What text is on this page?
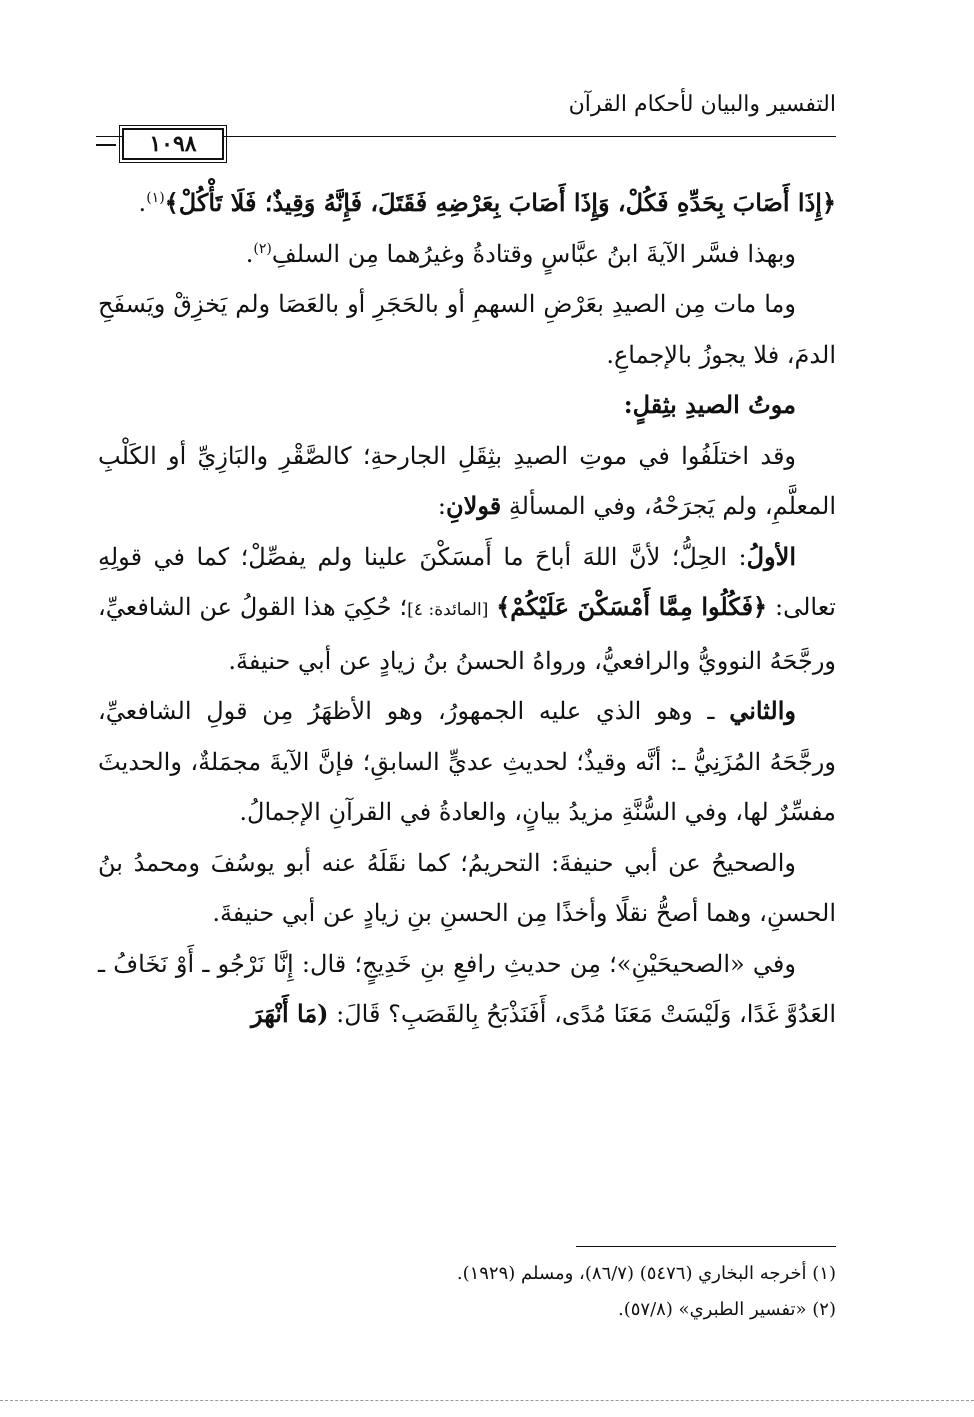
التفسير والبيان لأحكام القرآن
١٠٩٨

﴿إِذَا أَصَابَ بِحَدِّهِ فَكُلْ، وَإِذَا أَصَابَ بِعَرْضِهِ فَقَتَلَ، فَإِنَّهُ وَقِيذٌ؛ فَلَا تَأْكُلْ﴾$^{(١)}$.

وبهذا فسَّر الآيةَ ابنُ عبَّاسٍ وقتادةُ وغيرُهما مِن السلفِ$^{(٢)}$.

وما مات مِن الصيدِ بعَرْضِ السهمِ أو بالحَجَرِ أو بالعَصَا ولم يَخزِقْ ويَسفَحِ الدمَ، فلا يجوزُ بالإجماعِ.

موتُ الصيدِ بثِقلٍ:

وقد اختلَفُوا في موتِ الصيدِ بثِقَلِ الجارحةِ؛ كالصَّقْرِ والبَازِيِّ أو الكَلْبِ المعلَّمِ، ولم يَجرَحْهُ، وفي المسألةِ قولانِ:

الأولُ: الحِلُّ؛ لأنَّ اللهَ أباحَ ما أَمسَكْنَ علينا ولم يفصِّلْ؛ كما في قولِهِ تعالى: ﴿فَكُلُوا مِمَّا أَمْسَكْنَ عَلَيْكُمْ﴾ [المائدة: ٤]؛ حُكِيَ هذا القولُ عن الشافعيِّ، ورجَّحَهُ النوويُّ والرافعيُّ، ورواهُ الحسنُ بنُ زيادٍ عن أبي حنيفةَ.

والثاني ـ وهو الذي عليه الجمهورُ، وهو الأظهَرُ مِن قولِ الشافعيِّ، ورجَّحَهُ المُزَنِيُّ ـ: أنَّه وقيذٌ؛ لحديثِ عديٍّ السابقِ؛ فإنَّ الآيةَ مجمَلةٌ، والحديثَ مفسِّرٌ لها، وفي السُّنَّةِ مزيدُ بيانٍ، والعادةُ في القرآنِ الإجمالُ.

والصحيحُ عن أبي حنيفةَ: التحريمُ؛ كما نقَلَهُ عنه أبو يوسُفَ ومحمدُ بنُ الحسنِ، وهما أصحُّ نقلًا وأخذًا مِن الحسنِ بنِ زيادٍ عن أبي حنيفةَ.

وفي «الصحيحَيْنِ»؛ مِن حديثِ رافعِ بنِ خَدِيجٍ؛ قال: إِنَّا نَرْجُو ـ أَوْ نَخَافُ ـ العَدُوَّ غَدًا، وَلَيْسَتْ مَعَنَا مُدًى، أَفَنَذْبَحُ بِالقَصَبِ؟ قَالَ: (مَا أَنْهَرَ

(١) أخرجه البخاري (٥٤٧٦) (٨٦/٧)، ومسلم (١٩٢٩).

(٢) «تفسير الطبري» (٥٧/٨).
